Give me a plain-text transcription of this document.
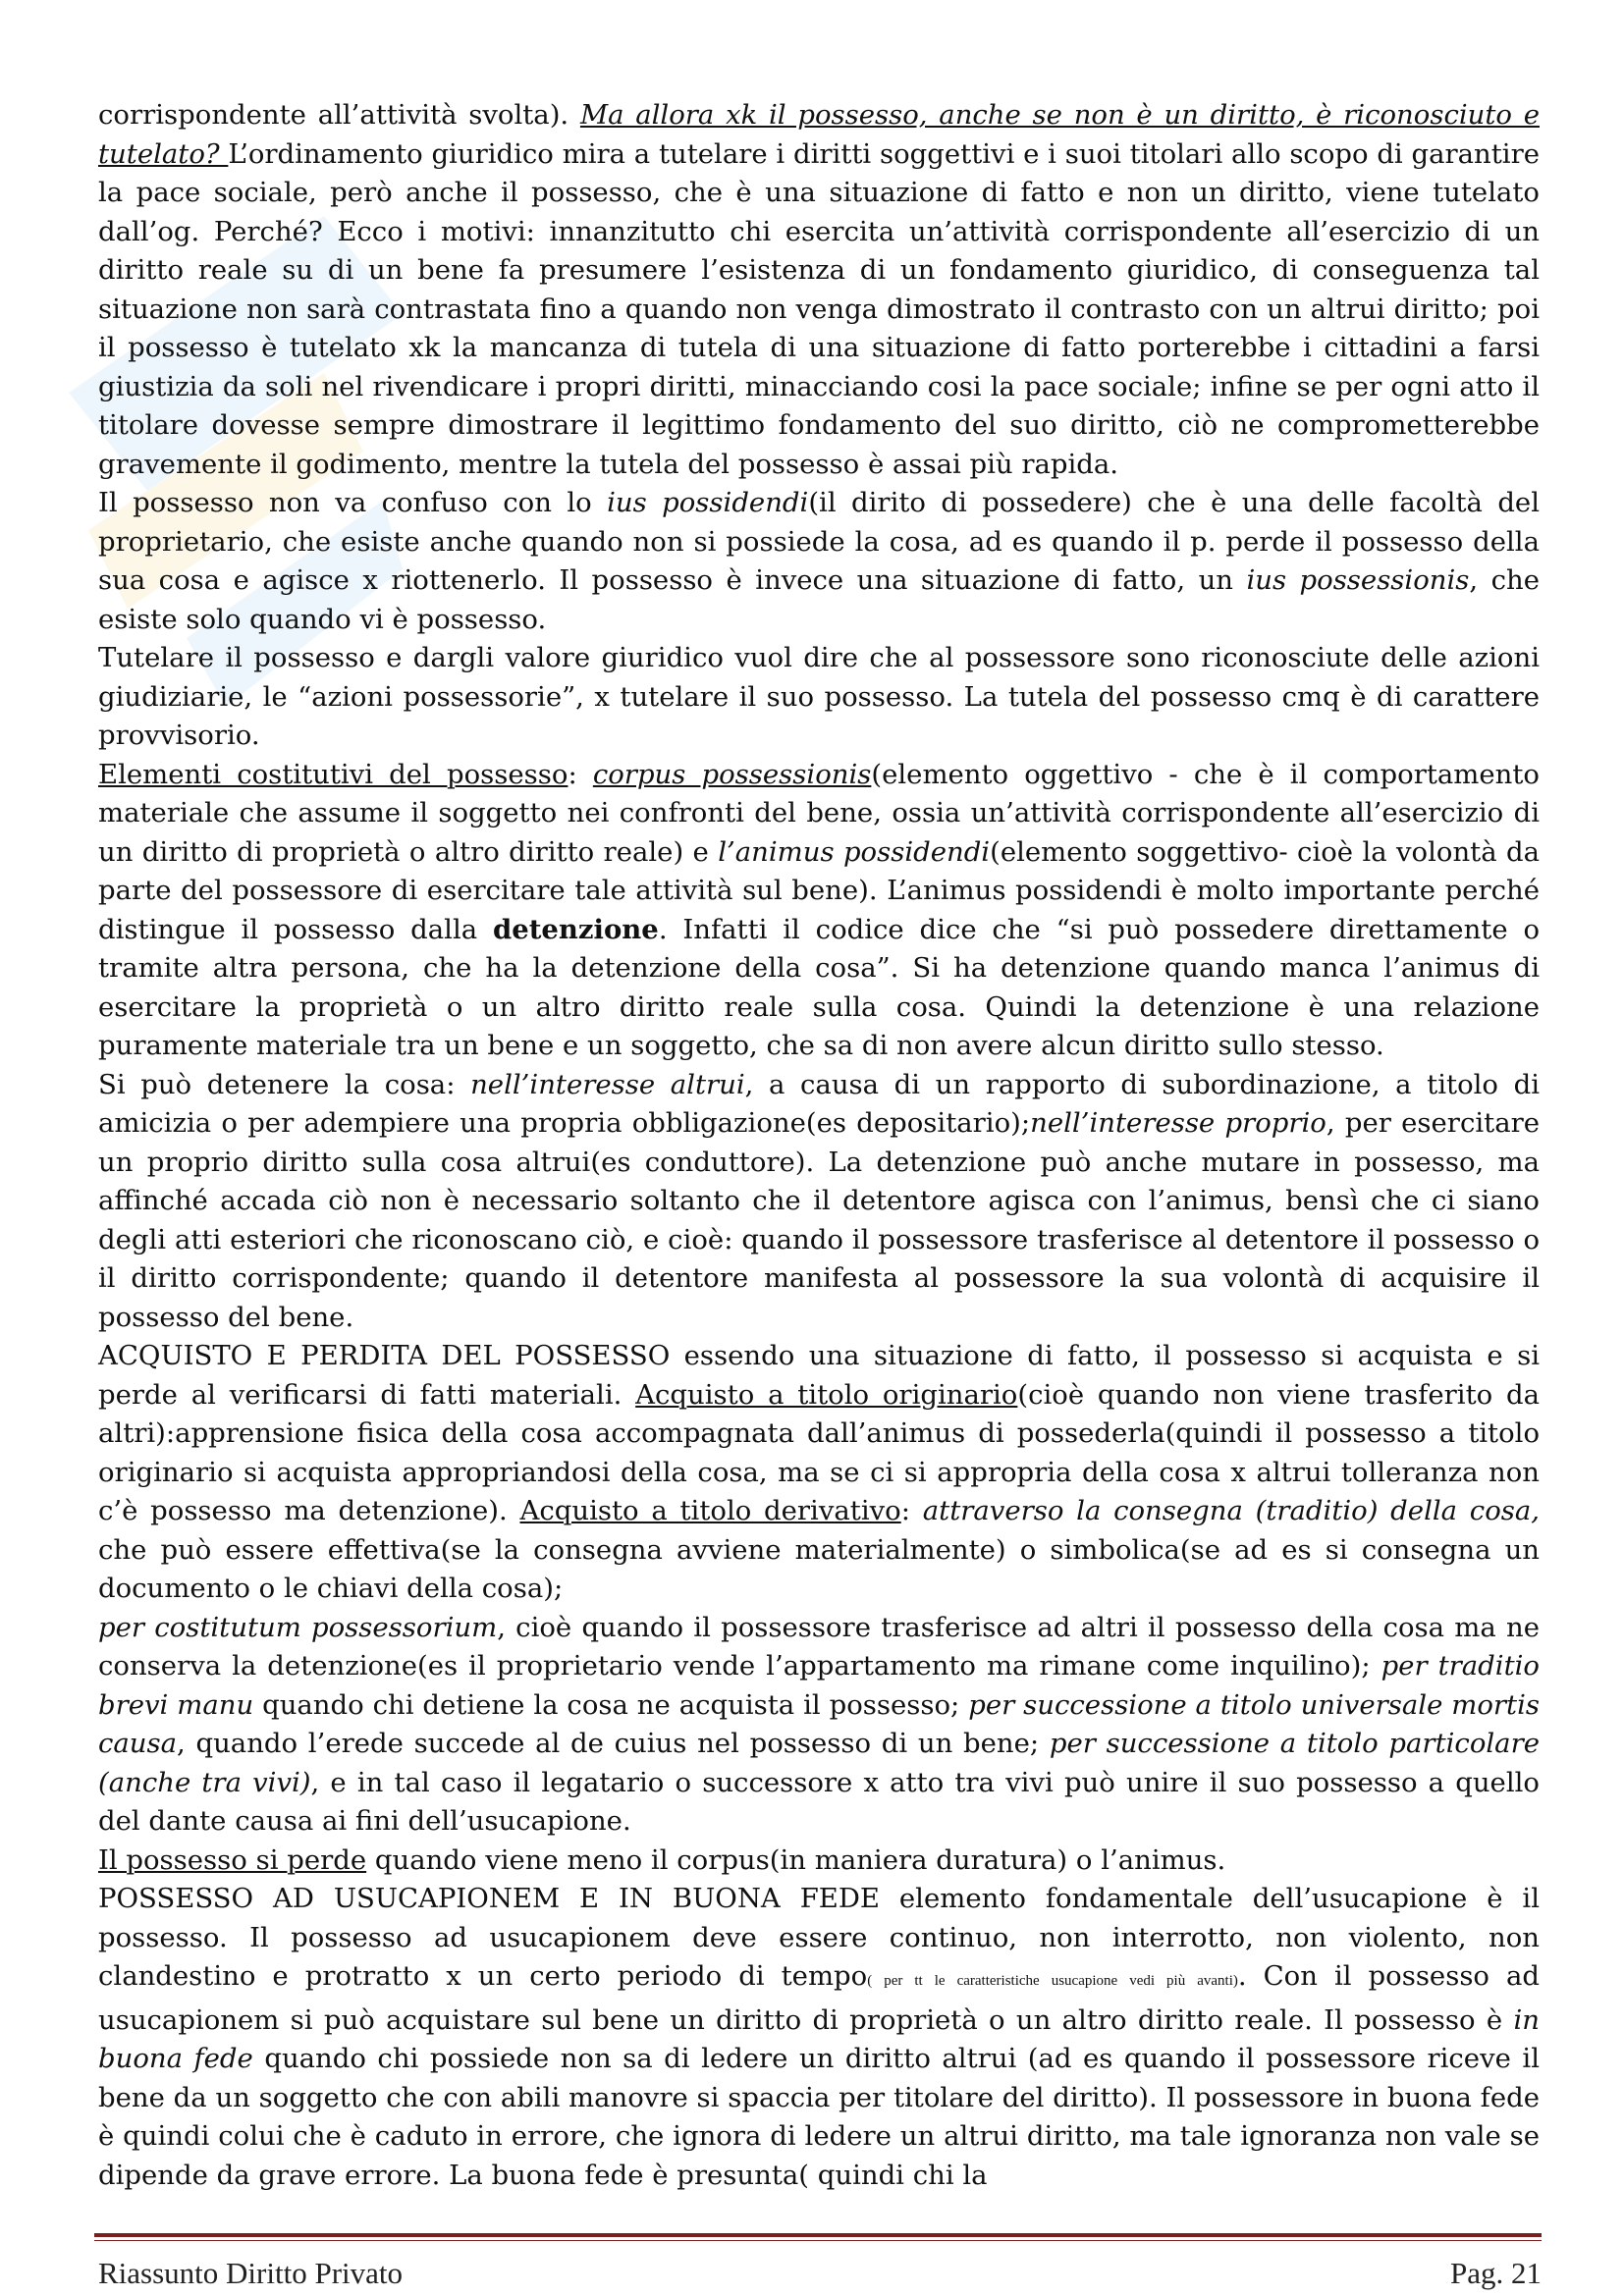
corrispondente all’attività svolta). Ma allora xk il possesso, anche se non è un diritto, è riconosciuto e tutelato? L’ordinamento giuridico mira a tutelare i diritti soggettivi e i suoi titolari allo scopo di garantire la pace sociale, però anche il possesso, che è una situazione di fatto e non un diritto, viene tutelato dall’og. Perché? Ecco i motivi: innanzitutto chi esercita un’attività corrispondente all’esercizio di un diritto reale su di un bene fa presumere l’esistenza di un fondamento giuridico, di conseguenza tal situazione non sarà contrastata fino a quando non venga dimostrato il contrasto con un altrui diritto; poi il possesso è tutelato xk la mancanza di tutela di una situazione di fatto porterebbe i cittadini a farsi giustizia da soli nel rivendicare i propri diritti, minacciando cosi la pace sociale; infine se per ogni atto il titolare dovesse sempre dimostrare il legittimo fondamento del suo diritto, ciò ne comprometterebbe gravemente il godimento, mentre la tutela del possesso è assai più rapida.

Il possesso non va confuso con lo ius possidendi(il dirito di possedere) che è una delle facoltà del proprietario, che esiste anche quando non si possiede la cosa, ad es quando il p. perde il possesso della sua cosa e agisce x riottenerlo. Il possesso è invece una situazione di fatto, un ius possessionis, che esiste solo quando vi è possesso.

Tutelare il possesso e dargli valore giuridico vuol dire che al possessore sono riconosciute delle azioni giudiziarie, le “azioni possessorie”, x tutelare il suo possesso. La tutela del possesso cmq è di carattere provvisorio.

Elementi costitutivi del possesso: corpus possessionis(elemento oggettivo - che è il comportamento materiale che assume il soggetto nei confronti del bene, ossia un’attività corrispondente all’esercizio di un diritto di proprietà o altro diritto reale) e l’animus possidendi(elemento soggettivo- cioè la volontà da parte del possessore di esercitare tale attività sul bene). L’animus possidendi è molto importante perché distingue il possesso dalla detenzione. Infatti il codice dice che “si può possedere direttamente o tramite altra persona, che ha la detenzione della cosa”. Si ha detenzione quando manca l’animus di esercitare la proprietà o un altro diritto reale sulla cosa. Quindi la detenzione è una relazione puramente materiale tra un bene e un soggetto, che sa di non avere alcun diritto sullo stesso.

Si può detenere la cosa: nell’interesse altrui, a causa di un rapporto di subordinazione, a titolo di amicizia o per adempiere una propria obbligazione(es depositario);nell’interesse proprio, per esercitare un proprio diritto sulla cosa altrui(es conduttore). La detenzione può anche mutare in possesso, ma affinché accada ciò non è necessario soltanto che il detentore agisca con l’animus, bensì che ci siano degli atti esteriori che riconoscano ciò, e cioè: quando il possessore trasferisce al detentore il possesso o il diritto corrispondente; quando il detentore manifesta al possessore la sua volontà di acquisire il possesso del bene.

ACQUISTO E PERDITA DEL POSSESSO essendo una situazione di fatto, il possesso si acquista e si perde al verificarsi di fatti materiali. Acquisto a titolo originario(cioè quando non viene trasferito da altri):apprensione fisica della cosa accompagnata dall’animus di possederla(quindi il possesso a titolo originario si acquista appropriandosi della cosa, ma se ci si appropria della cosa x altrui tolleranza non c’è possesso ma detenzione). Acquisto a titolo derivativo: attraverso la consegna (traditio) della cosa, che può essere effettiva(se la consegna avviene materialmente) o simbolica(se ad es si consegna un documento o le chiavi della cosa);

per costitutum possessorium, cioè quando il possessore trasferisce ad altri il possesso della cosa ma ne conserva la detenzione(es il proprietario vende l’appartamento ma rimane come inquilino); per traditio brevi manu quando chi detiene la cosa ne acquista il possesso; per successione a titolo universale mortis causa, quando l’erede succede al de cuius nel possesso di un bene; per successione a titolo particolare (anche tra vivi), e in tal caso il legatario o successore x atto tra vivi può unire il suo possesso a quello del dante causa ai fini dell’usucapione.

Il possesso si perde quando viene meno il corpus(in maniera duratura) o l’animus.

POSSESSO AD USUCAPIONEM E IN BUONA FEDE elemento fondamentale dell’usucapione è il possesso. Il possesso ad usucapionem deve essere continuo, non interrotto, non violento, non clandestino e protratto x un certo periodo di tempo( per tt le caratteristiche usucapione vedi più avanti). Con il possesso ad usucapionem si può acquistare sul bene un diritto di proprietà o un altro diritto reale. Il possesso è in buona fede quando chi possiede non sa di ledere un diritto altrui (ad es quando il possessore riceve il bene da un soggetto che con abili manovre si spaccia per titolare del diritto). Il possessore in buona fede è quindi colui che è caduto in errore, che ignora di ledere un altrui diritto, ma tale ignoranza non vale se dipende da grave errore. La buona fede è presunta( quindi chi la

Riassunto Diritto Privato	Pag. 21
